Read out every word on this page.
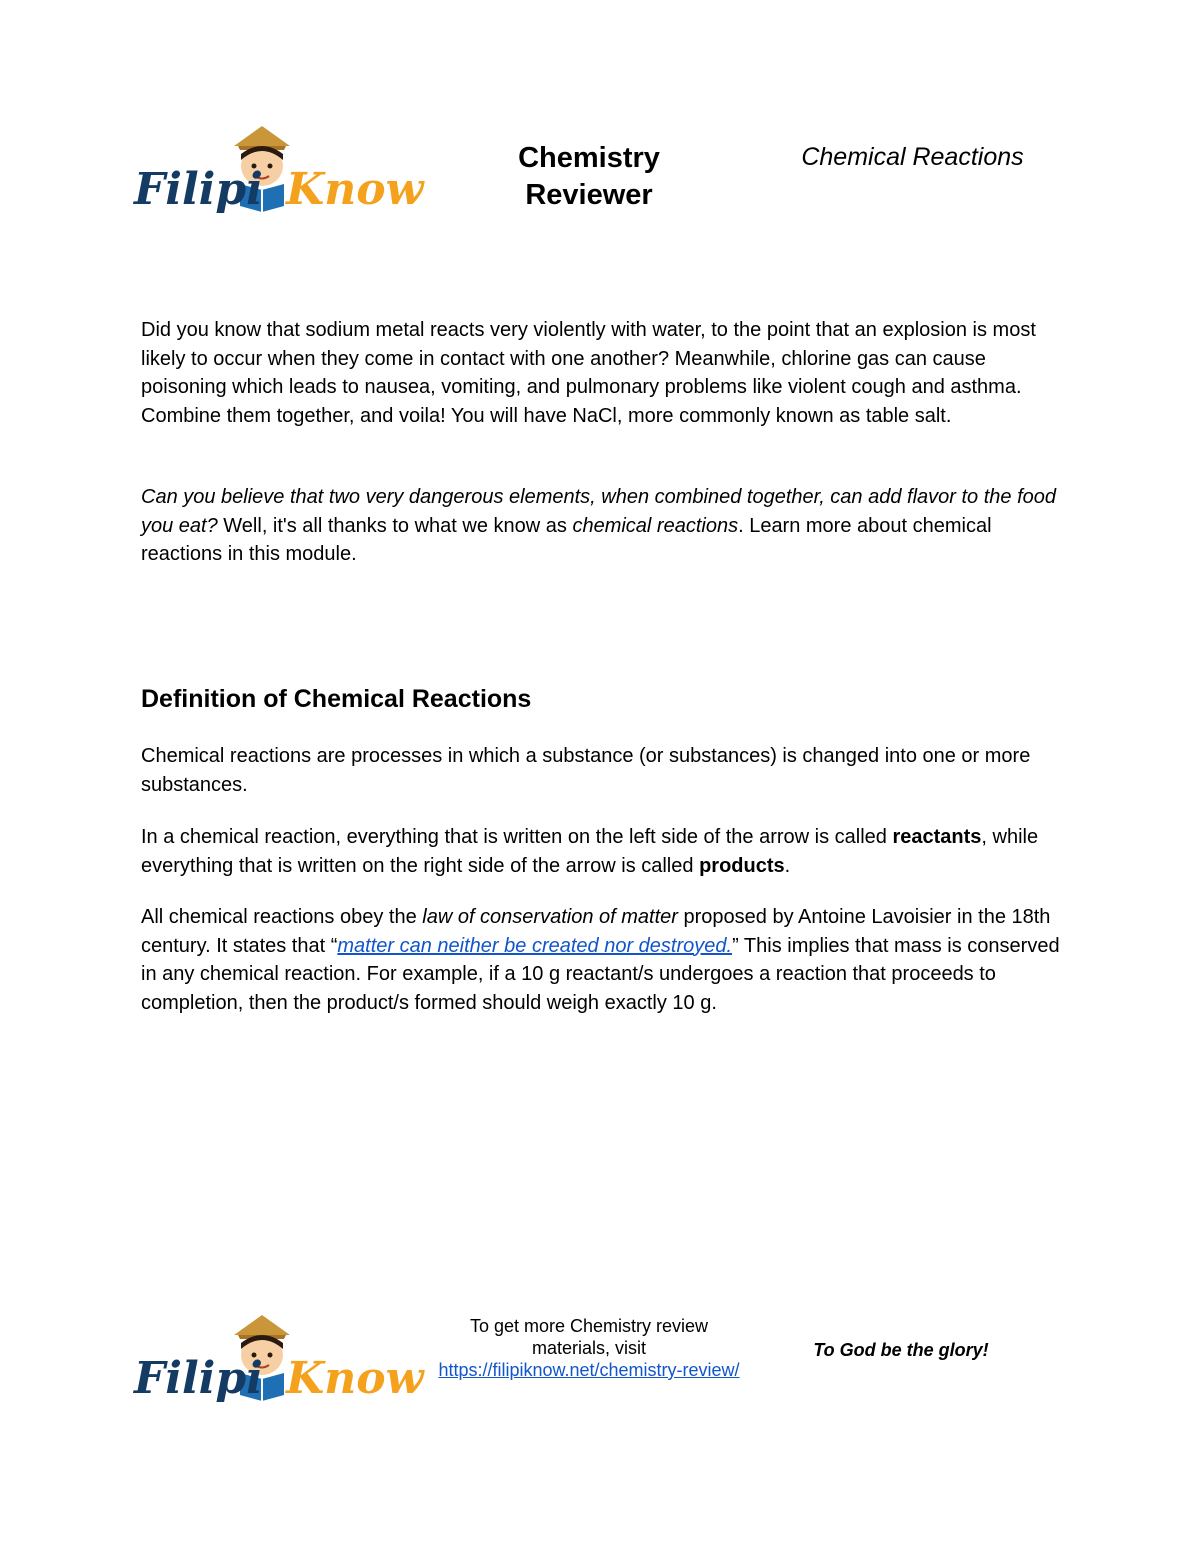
Filipi Know
Chemistry
Reviewer
Chemical Reactions

Did you know that sodium metal reacts very violently with water, to the point that an explosion is most likely to occur when they come in contact with one another? Meanwhile, chlorine gas can cause poisoning which leads to nausea, vomiting, and pulmonary problems like violent cough and asthma. Combine them together, and voila! You will have NaCl, more commonly known as table salt.

Can you believe that two very dangerous elements, when combined together, can add flavor to the food you eat? Well, it's all thanks to what we know as chemical reactions. Learn more about chemical reactions in this module.

Definition of Chemical Reactions

Chemical reactions are processes in which a substance (or substances) is changed into one or more substances.

In a chemical reaction, everything that is written on the left side of the arrow is called reactants, while everything that is written on the right side of the arrow is called products.

All chemical reactions obey the law of conservation of matter proposed by Antoine Lavoisier in the 18th century. It states that “matter can neither be created nor destroyed.” This implies that mass is conserved in any chemical reaction. For example, if a 10 g reactant/s undergoes a reaction that proceeds to completion, then the product/s formed should weigh exactly 10 g.

Filipi Know
To get more Chemistry review
materials, visit
https://filipiknow.net/chemistry-review/
To God be the glory!
